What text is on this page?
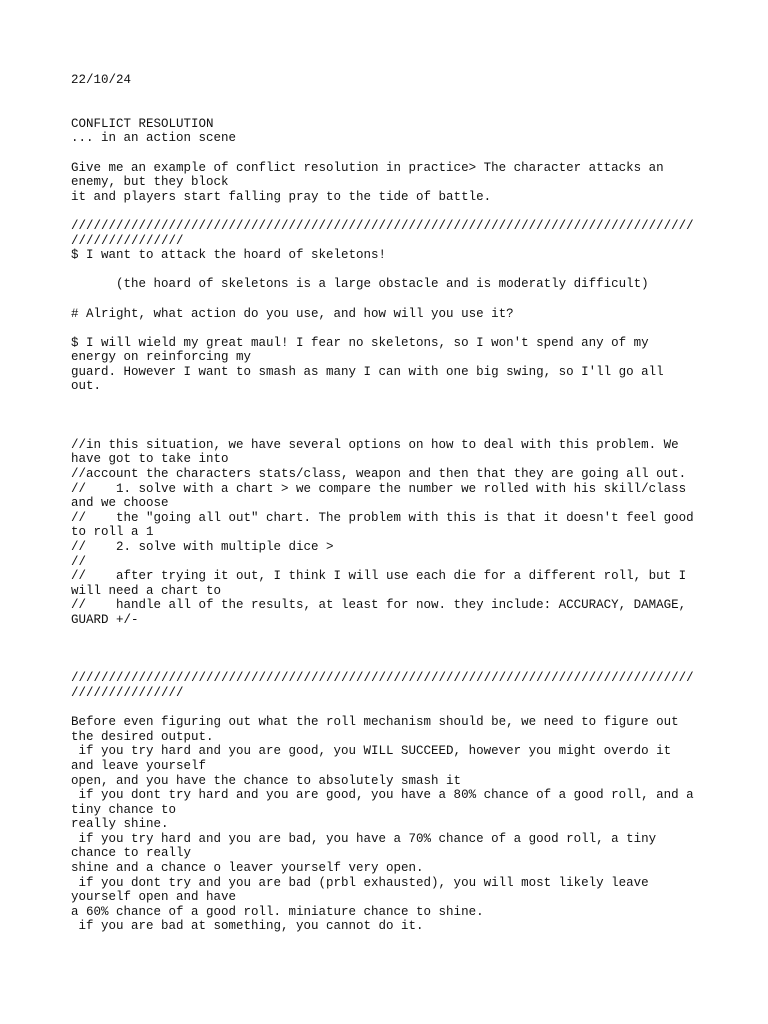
22/10/24
CONFLICT RESOLUTION
... in an action scene
Give me an example of conflict resolution in practice> The character attacks an
enemy, but they block
it and players start falling pray to the tide of battle.
///////////////////////////////////////////////////////////////////////////////////
///////////////
$ I want to attack the hoard of skeletons!
(the hoard of skeletons is a large obstacle and is moderatly difficult)
# Alright, what action do you use, and how will you use it?
$ I will wield my great maul! I fear no skeletons, so I won't spend any of my
energy on reinforcing my
guard. However I want to smash as many I can with one big swing, so I'll go all
out.
//in this situation, we have several options on how to deal with this problem. We
have got to take into
//account the characters stats/class, weapon and then that they are going all out.
//    1. solve with a chart > we compare the number we rolled with his skill/class
and we choose
//    the "going all out" chart. The problem with this is that it doesn't feel good
to roll a 1
//    2. solve with multiple dice >
//
//    after trying it out, I think I will use each die for a different roll, but I
will need a chart to
//    handle all of the results, at least for now. they include: ACCURACY, DAMAGE,
GUARD +/-
///////////////////////////////////////////////////////////////////////////////////
///////////////
Before even figuring out what the roll mechanism should be, we need to figure out
the desired output.
if you try hard and you are good, you WILL SUCCEED, however you might overdo it
and leave yourself
open, and you have the chance to absolutely smash it
if you dont try hard and you are good, you have a 80% chance of a good roll, and a
tiny chance to
really shine.
if you try hard and you are bad, you have a 70% chance of a good roll, a tiny
chance to really
shine and a chance o leaver yourself very open.
if you dont try and you are bad (prbl exhausted), you will most likely leave
yourself open and have
a 60% chance of a good roll. miniature chance to shine.
if you are bad at something, you cannot do it.
